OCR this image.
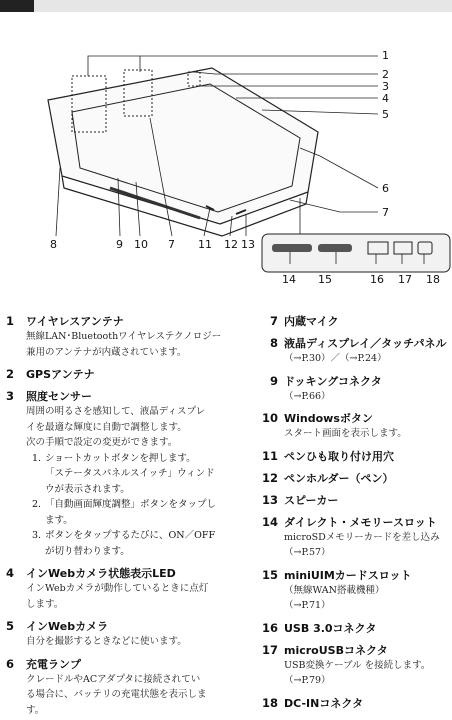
1
2
3
4
5
6
7
8	9 10 7 11 12 13
14 15	16 17 18
1	ワイヤレスアンテナ
無線LAN･Bluetoothワイヤレステクノロジー
兼用のアンテナが内蔵されています。
2	GPSアンテナ
3	照度センサー
周囲の明るさを感知して、液晶ディスプレ
イを最適な輝度に自動で調整します。
次の手順で設定の変更ができます。
1. ショートカットボタンを押します。
「ステータスパネルスイッチ」ウィンド
ウが表示されます。
2. 「自動画面輝度調整」ボタンをタップし
ます。
3. ボタンをタップするたびに、ON／OFF
が切り替わります。
4	インWebカメラ状態表示LED
インWebカメラが動作しているときに点灯
します。
5	インWebカメラ
自分を撮影するときなどに使います。
6	充電ランプ
クレードルやACアダプタに接続されてい
る場合に、バッテリの充電状態を表示しま
す。
7 内蔵マイク
8 液晶ディスプレイ／タッチパネル
（→P.30）／（→P.24）
9 ドッキングコネクタ
（→P.66）
10 Windowsボタン
スタート画面を表示します。
11 ペンひも取り付け用穴
12 ペンホルダー（ペン）
13 スピーカー
14 ダイレクト・メモリースロット
microSDメモリーカードを差し込み
（→P.57）
15 miniUIMカードスロット
（無線WAN搭載機種）
（→P.71）
16 USB 3.0コネクタ
17 microUSBコネクタ
USB変換ケーブル を接続します。
（→P.79）
18 DC-INコネクタ
